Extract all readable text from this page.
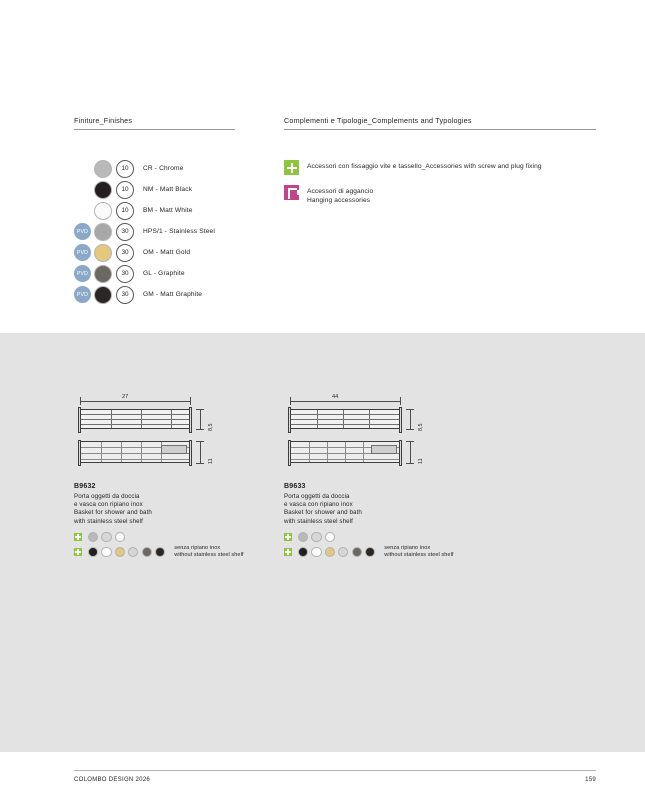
Finiture_Finishes	Complementi e Tipologie_Complements and Typologies
10	CR - Chrome
10	NM - Matt Black
10	BM - Matt White
PVD	30	HPS/1 - Stainless Steel
PVD	30	OM - Matt Gold
PVD	30	GL - Graphite
PVD	30	GM - Matt Graphite
Accessori con fissaggio vite e tassello_Accessories with screw and plug fixing
Accessori di aggancio
Hanging accessories
27
8,5
11
B9632
Porta oggetti da doccia
e vasca con ripiano inox
Basket for shower and bath
with stainless steel shelf
senza ripiano inox
without stainless steel shelf
44
8,5
11
B9633
Porta oggetti da doccia
e vasca con ripiano inox
Basket for shower and bath
with stainless steel shelf
senza ripiano inox
without stainless steel shelf
COLOMBO DESIGN 2026	159
